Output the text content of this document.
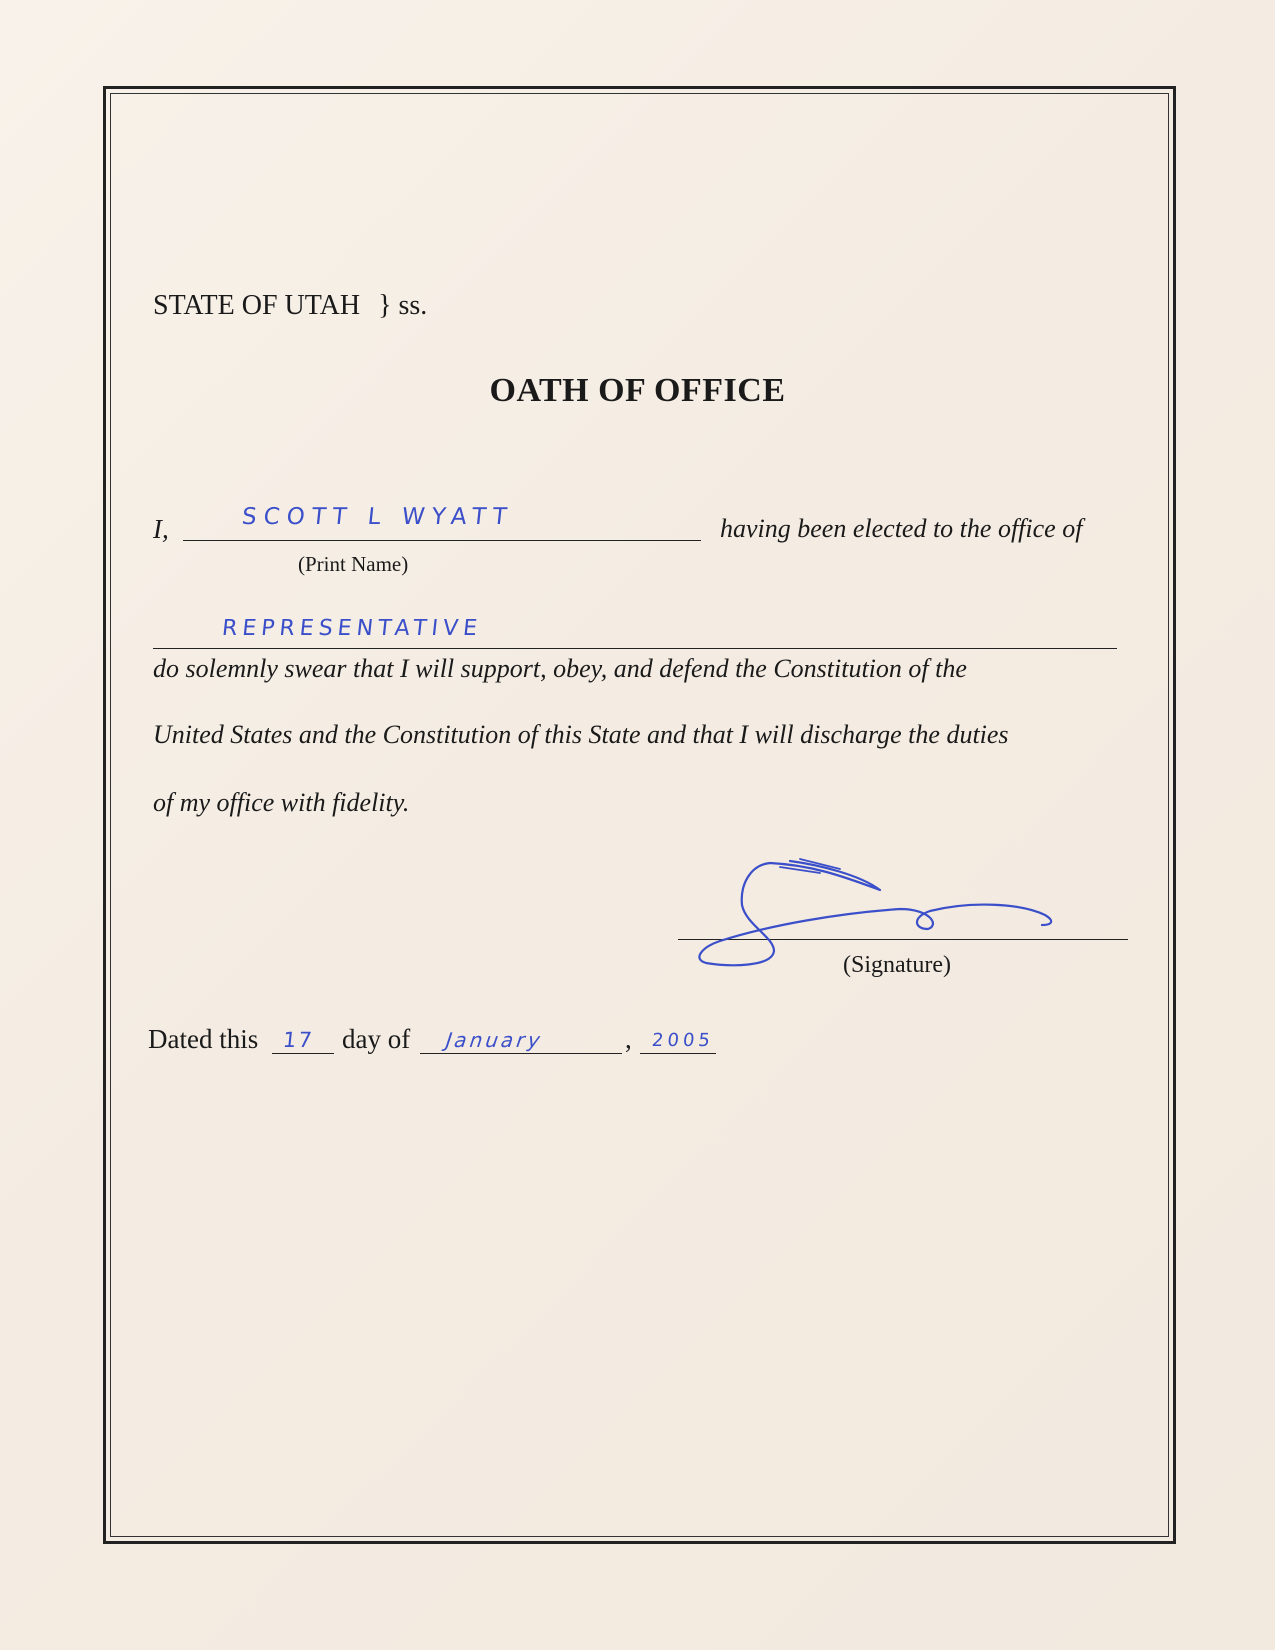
STATE OF UTAH } ss.
OATH OF OFFICE
I,	SCOTT L WYATT	having been elected to the office of
(Print Name)
REPRESENTATIVE
do solemnly swear that I will support, obey, and defend the Constitution of the
United States and the Constitution of this State and that I will discharge the duties
of my office with fidelity.
(Signature)
Dated this 17 day of January	, 2005
